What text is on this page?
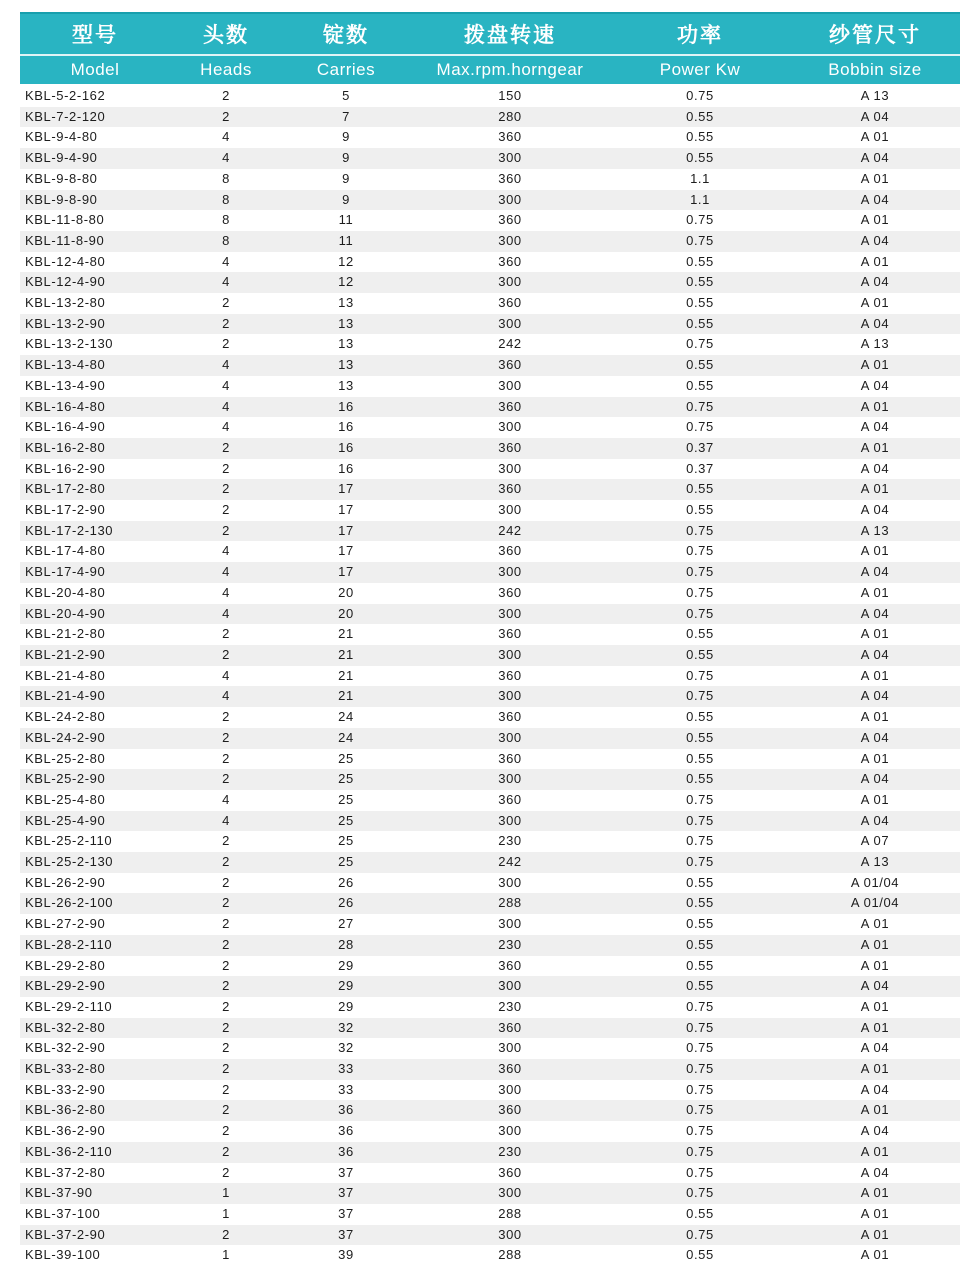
型号	头数	锭数	拨盘转速	功率	纱管尺寸
Model	Heads	Carries	Max.rpm.horngear	Power Kw	Bobbin size
KBL-5-2-162	2	5	150	0.75	A 13
KBL-7-2-120	2	7	280	0.55	A 04
KBL-9-4-80	4	9	360	0.55	A 01
KBL-9-4-90	4	9	300	0.55	A 04
KBL-9-8-80	8	9	360	1.1	A 01
KBL-9-8-90	8	9	300	1.1	A 04
KBL-11-8-80	8	11	360	0.75	A 01
KBL-11-8-90	8	11	300	0.75	A 04
KBL-12-4-80	4	12	360	0.55	A 01
KBL-12-4-90	4	12	300	0.55	A 04
KBL-13-2-80	2	13	360	0.55	A 01
KBL-13-2-90	2	13	300	0.55	A 04
KBL-13-2-130	2	13	242	0.75	A 13
KBL-13-4-80	4	13	360	0.55	A 01
KBL-13-4-90	4	13	300	0.55	A 04
KBL-16-4-80	4	16	360	0.75	A 01
KBL-16-4-90	4	16	300	0.75	A 04
KBL-16-2-80	2	16	360	0.37	A 01
KBL-16-2-90	2	16	300	0.37	A 04
KBL-17-2-80	2	17	360	0.55	A 01
KBL-17-2-90	2	17	300	0.55	A 04
KBL-17-2-130	2	17	242	0.75	A 13
KBL-17-4-80	4	17	360	0.75	A 01
KBL-17-4-90	4	17	300	0.75	A 04
KBL-20-4-80	4	20	360	0.75	A 01
KBL-20-4-90	4	20	300	0.75	A 04
KBL-21-2-80	2	21	360	0.55	A 01
KBL-21-2-90	2	21	300	0.55	A 04
KBL-21-4-80	4	21	360	0.75	A 01
KBL-21-4-90	4	21	300	0.75	A 04
KBL-24-2-80	2	24	360	0.55	A 01
KBL-24-2-90	2	24	300	0.55	A 04
KBL-25-2-80	2	25	360	0.55	A 01
KBL-25-2-90	2	25	300	0.55	A 04
KBL-25-4-80	4	25	360	0.75	A 01
KBL-25-4-90	4	25	300	0.75	A 04
KBL-25-2-110	2	25	230	0.75	A 07
KBL-25-2-130	2	25	242	0.75	A 13
KBL-26-2-90	2	26	300	0.55	A 01/04
KBL-26-2-100	2	26	288	0.55	A 01/04
KBL-27-2-90	2	27	300	0.55	A 01
KBL-28-2-110	2	28	230	0.55	A 01
KBL-29-2-80	2	29	360	0.55	A 01
KBL-29-2-90	2	29	300	0.55	A 04
KBL-29-2-110	2	29	230	0.75	A 01
KBL-32-2-80	2	32	360	0.75	A 01
KBL-32-2-90	2	32	300	0.75	A 04
KBL-33-2-80	2	33	360	0.75	A 01
KBL-33-2-90	2	33	300	0.75	A 04
KBL-36-2-80	2	36	360	0.75	A 01
KBL-36-2-90	2	36	300	0.75	A 04
KBL-36-2-110	2	36	230	0.75	A 01
KBL-37-2-80	2	37	360	0.75	A 04
KBL-37-90	1	37	300	0.75	A 01
KBL-37-100	1	37	288	0.55	A 01
KBL-37-2-90	2	37	300	0.75	A 01
KBL-39-100	1	39	288	0.55	A 01
